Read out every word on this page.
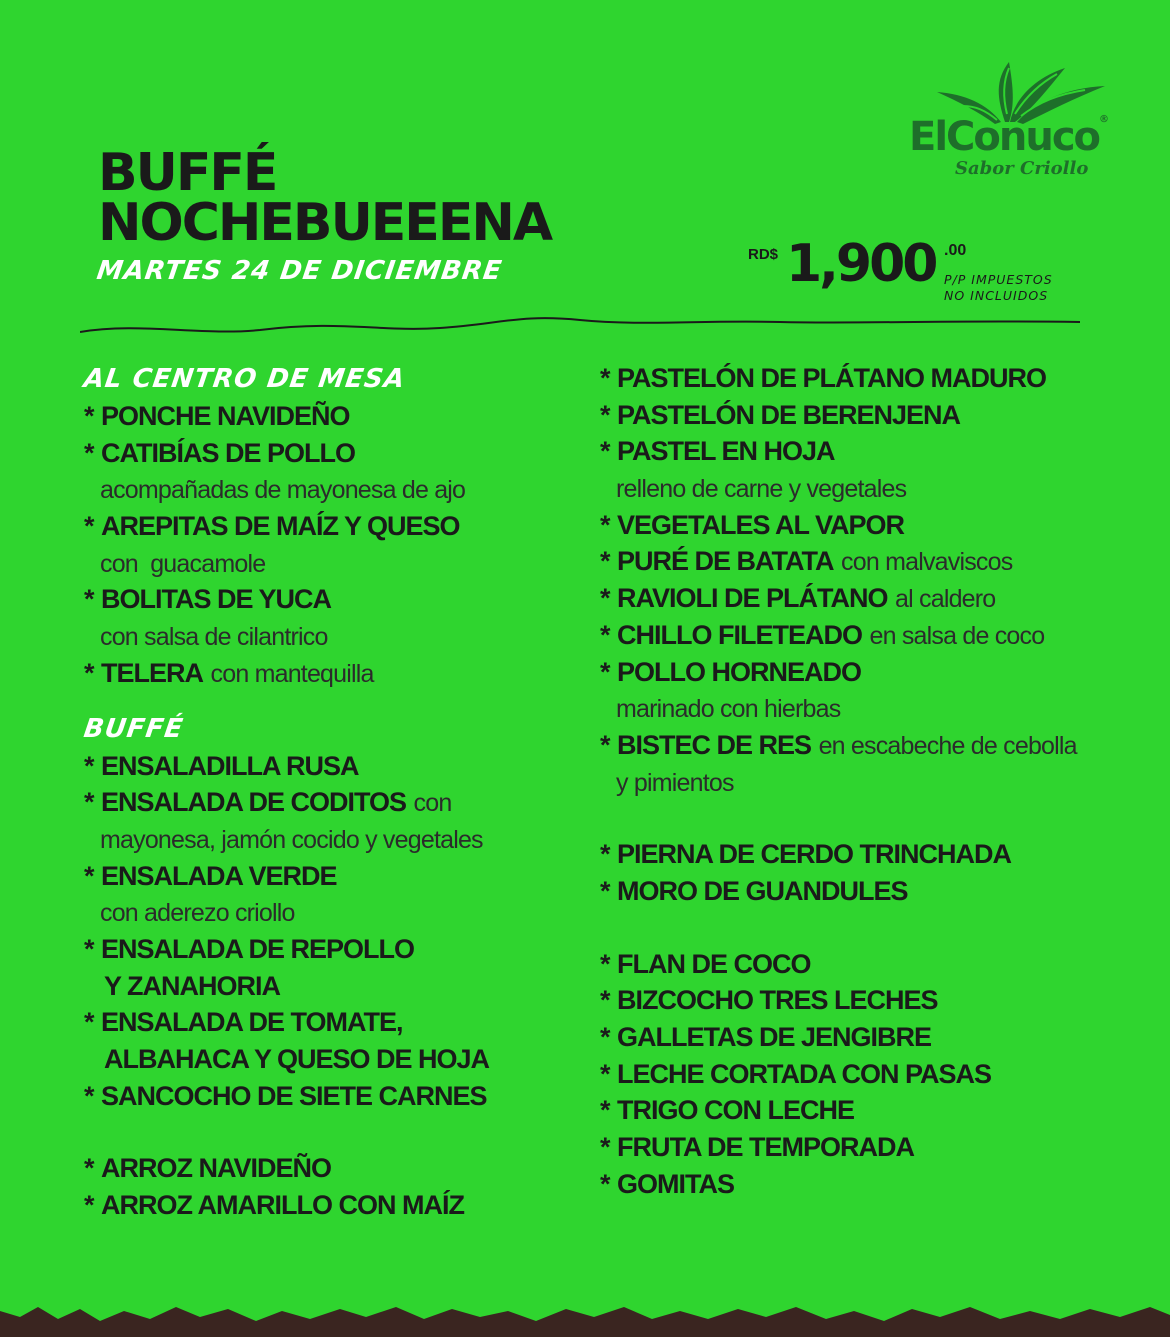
BUFFÉ
NOCHEBUEEENA
MARTES 24 DE DICIEMBRE
ElConuco®
Sabor Criollo
RD$ 1,900 .00
P/P IMPUESTOS
NO INCLUIDOS
AL CENTRO DE MESA
* PONCHE NAVIDEÑO
* CATIBÍAS DE POLLO
acompañadas de mayonesa de ajo
* AREPITAS DE MAÍZ Y QUESO
con  guacamole
* BOLITAS DE YUCA
con salsa de cilantrico
* TELERA con mantequilla
BUFFÉ
* ENSALADILLA RUSA
* ENSALADA DE CODITOS con
mayonesa, jamón cocido y vegetales
* ENSALADA VERDE
con aderezo criollo
* ENSALADA DE REPOLLO
Y ZANAHORIA
* ENSALADA DE TOMATE,
ALBAHACA Y QUESO DE HOJA
* SANCOCHO DE SIETE CARNES
* ARROZ NAVIDEÑO
* ARROZ AMARILLO CON MAÍZ
* PASTELÓN DE PLÁTANO MADURO
* PASTELÓN DE BERENJENA
* PASTEL EN HOJA
relleno de carne y vegetales
* VEGETALES AL VAPOR
* PURÉ DE BATATA con malvaviscos
* RAVIOLI DE PLÁTANO al caldero
* CHILLO FILETEADO en salsa de coco
* POLLO HORNEADO
marinado con hierbas
* BISTEC DE RES en escabeche de cebolla
y pimientos
* PIERNA DE CERDO TRINCHADA
* MORO DE GUANDULES
* FLAN DE COCO
* BIZCOCHO TRES LECHES
* GALLETAS DE JENGIBRE
* LECHE CORTADA CON PASAS
* TRIGO CON LECHE
* FRUTA DE TEMPORADA
* GOMITAS
